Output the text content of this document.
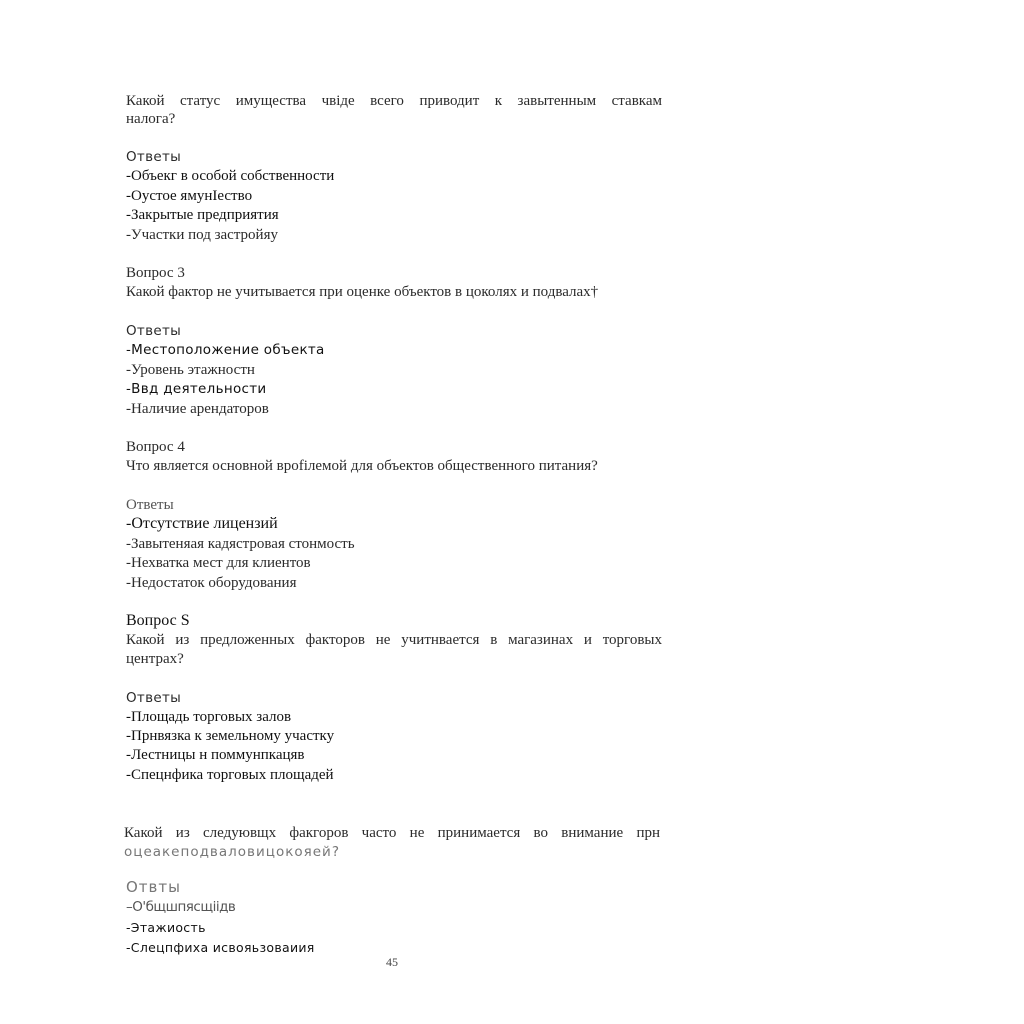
Какой статус имущества чвiде всего приводит к завытенным ставкам
налога?
Ответы
-Объекг в особой собственности
-Оустое ямунIество
-Закрытые предприятия
-Участки под застройяу
Вопрос 3
Какой фактор не учитывается при оценке объектов в цоколях и подвалах†
Ответы
-Местоположение объекта
-Уровень этажностн
-Ввд деятельности
-Наличие арендаторов
Вопрос 4
Что является основной вроfiлемой для объектов общественного питания?
Ответы
-Отсутствие лицензий
-Завытеняая кадястровая стонмость
-Нехватка мест для клиентов
-Недостаток оборудования
Вопрос S
Какой из предложенных факторов не учитнвается в магазинах и торговых
центрах?
Ответы
-Площадь торговых залов
-Прнвязка к земельному участку
-Лестницы н поммунпкацяв
-Спецнфика торговых площадей
Какой из следуювщх факгоров часто не принимается во внимание прн
оцеакеподваловицокояей?
Отвты
–О'бщшпясщiiдв
-Этажиость
-Слецпфиха исвояьзоваиия
45
